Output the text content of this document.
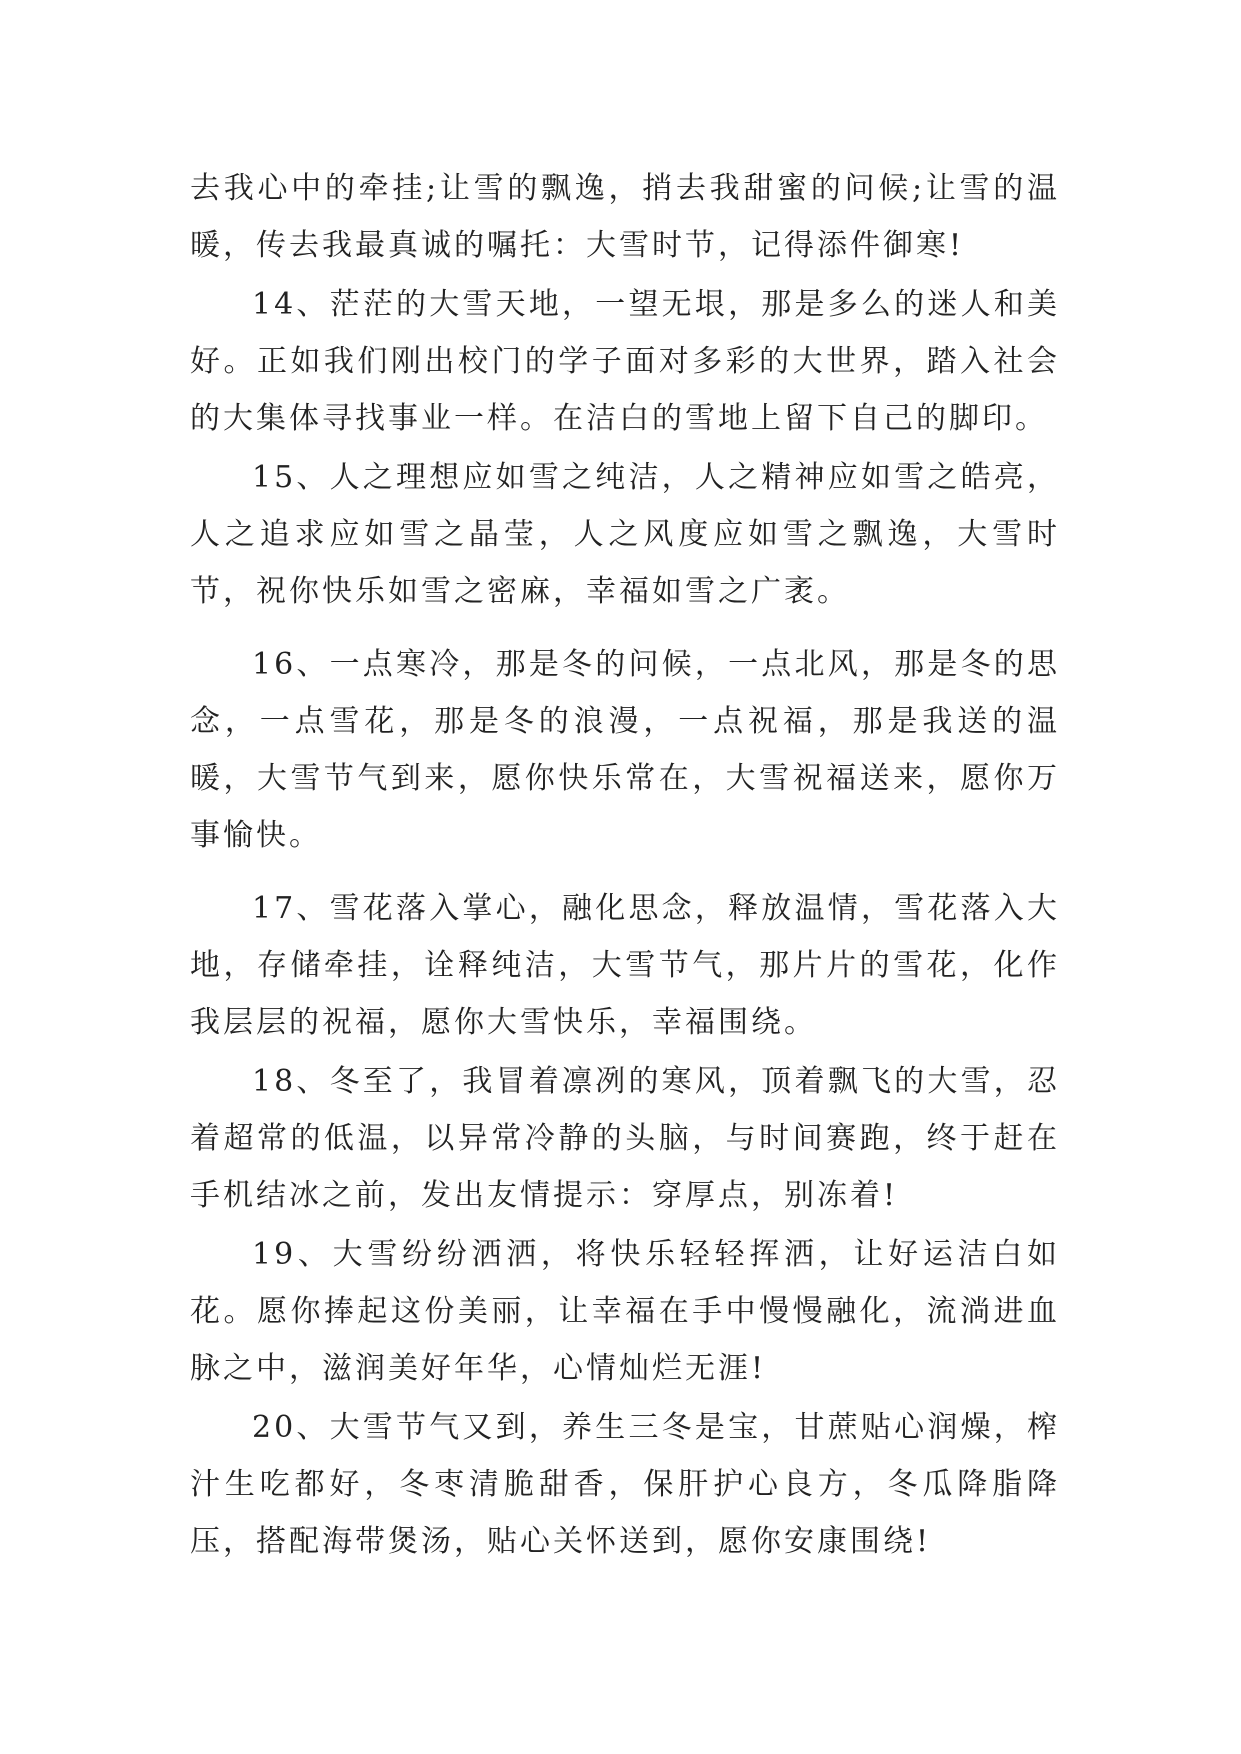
去我心中的牵挂;让雪的飘逸，捎去我甜蜜的问候;让雪的温暖，传去我最真诚的嘱托：大雪时节，记得添件御寒!

14、茫茫的大雪天地，一望无垠，那是多么的迷人和美好。正如我们刚出校门的学子面对多彩的大世界，踏入社会的大集体寻找事业一样。在洁白的雪地上留下自己的脚印。

15、人之理想应如雪之纯洁，人之精神应如雪之皓亮，人之追求应如雪之晶莹，人之风度应如雪之飘逸，大雪时节，祝你快乐如雪之密麻，幸福如雪之广袤。

16、一点寒冷，那是冬的问候，一点北风，那是冬的思念，一点雪花，那是冬的浪漫，一点祝福，那是我送的温暖，大雪节气到来，愿你快乐常在，大雪祝福送来，愿你万事愉快。

17、雪花落入掌心，融化思念，释放温情，雪花落入大地，存储牵挂，诠释纯洁，大雪节气，那片片的雪花，化作我层层的祝福，愿你大雪快乐，幸福围绕。

18、冬至了，我冒着凛冽的寒风，顶着飘飞的大雪，忍着超常的低温，以异常冷静的头脑，与时间赛跑，终于赶在手机结冰之前，发出友情提示：穿厚点，别冻着!

19、大雪纷纷洒洒，将快乐轻轻挥洒，让好运洁白如花。愿你捧起这份美丽，让幸福在手中慢慢融化，流淌进血脉之中，滋润美好年华，心情灿烂无涯!

20、大雪节气又到，养生三冬是宝，甘蔗贴心润燥，榨汁生吃都好，冬枣清脆甜香，保肝护心良方，冬瓜降脂降压，搭配海带煲汤，贴心关怀送到，愿你安康围绕!
